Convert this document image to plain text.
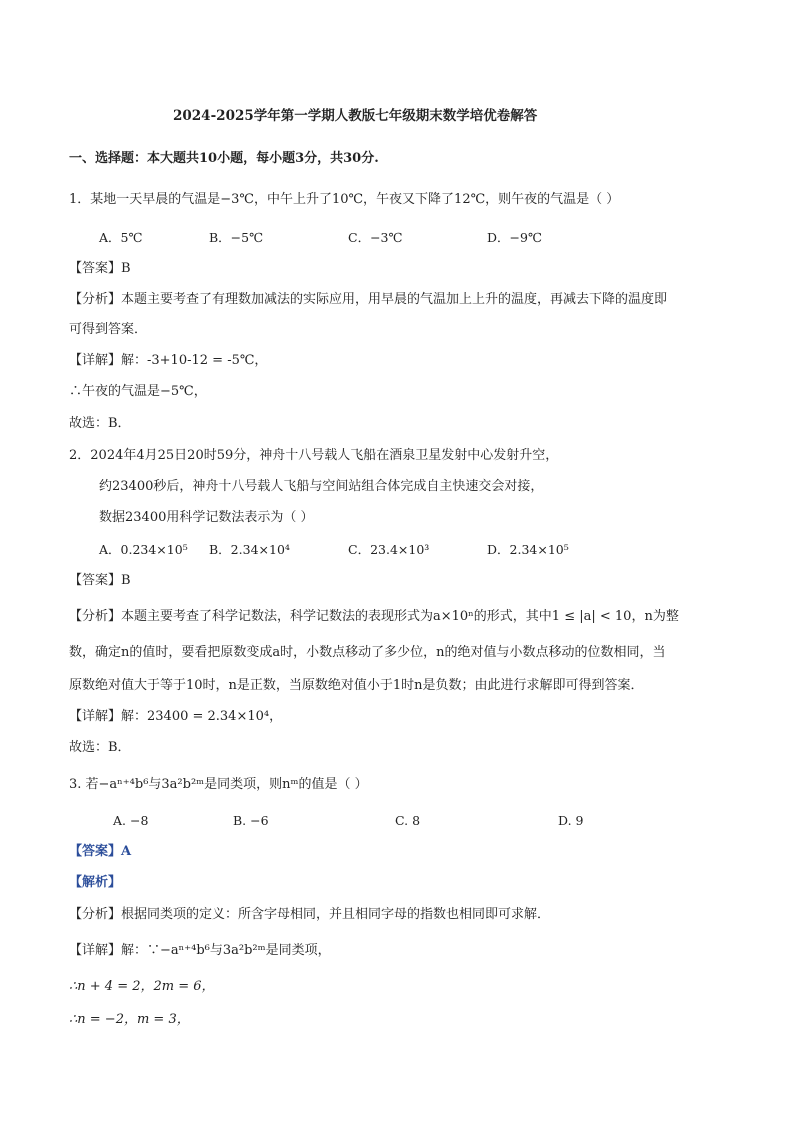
2024-2025学年第一学期人教版七年级期末数学培优卷解答
一、选择题：本大题共10小题，每小题3分，共30分.
1．某地一天早晨的气温是−3℃，中午上升了10℃，午夜又下降了12℃，则午夜的气温是（ ）
A．5℃	B．−5℃	C．−3℃	D．−9℃
【答案】B
【分析】本题主要考查了有理数加减法的实际应用，用早晨的气温加上上升的温度，再减去下降的温度即
可得到答案．
【详解】解：-3+10-12 = -5℃，
∴午夜的气温是−5℃，
故选：B．
2．2024年4月25日20时59分，神舟十八号载人飞船在酒泉卫星发射中心发射升空，
约23400秒后，神舟十八号载人飞船与空间站组合体完成自主快速交会对接，
数据23400用科学记数法表示为（ ）
A．0.234×10⁵ B．2.34×10⁴	C．23.4×10³	D．2.34×10⁵
【答案】B
【分析】本题主要考查了科学记数法，科学记数法的表现形式为a×10ⁿ的形式，其中1 ≤ |a| < 10，n为整
数，确定n的值时，要看把原数变成a时，小数点移动了多少位，n的绝对值与小数点移动的位数相同，当
原数绝对值大于等于10时，n是正数，当原数绝对值小于1时n是负数；由此进行求解即可得到答案．
【详解】解：23400 = 2.34×10⁴，
故选：B．
3. 若−aⁿ⁺⁴b⁶与3a²b²ᵐ是同类项，则nᵐ的值是（ ）
A. −8	B. −6	C. 8	D. 9
【答案】A
【解析】
【分析】根据同类项的定义：所含字母相同，并且相同字母的指数也相同即可求解．
【详解】解：∵−aⁿ⁺⁴b⁶与3a²b²ᵐ是同类项，
∴n + 4 = 2，2m = 6，
∴n = −2，m = 3，
